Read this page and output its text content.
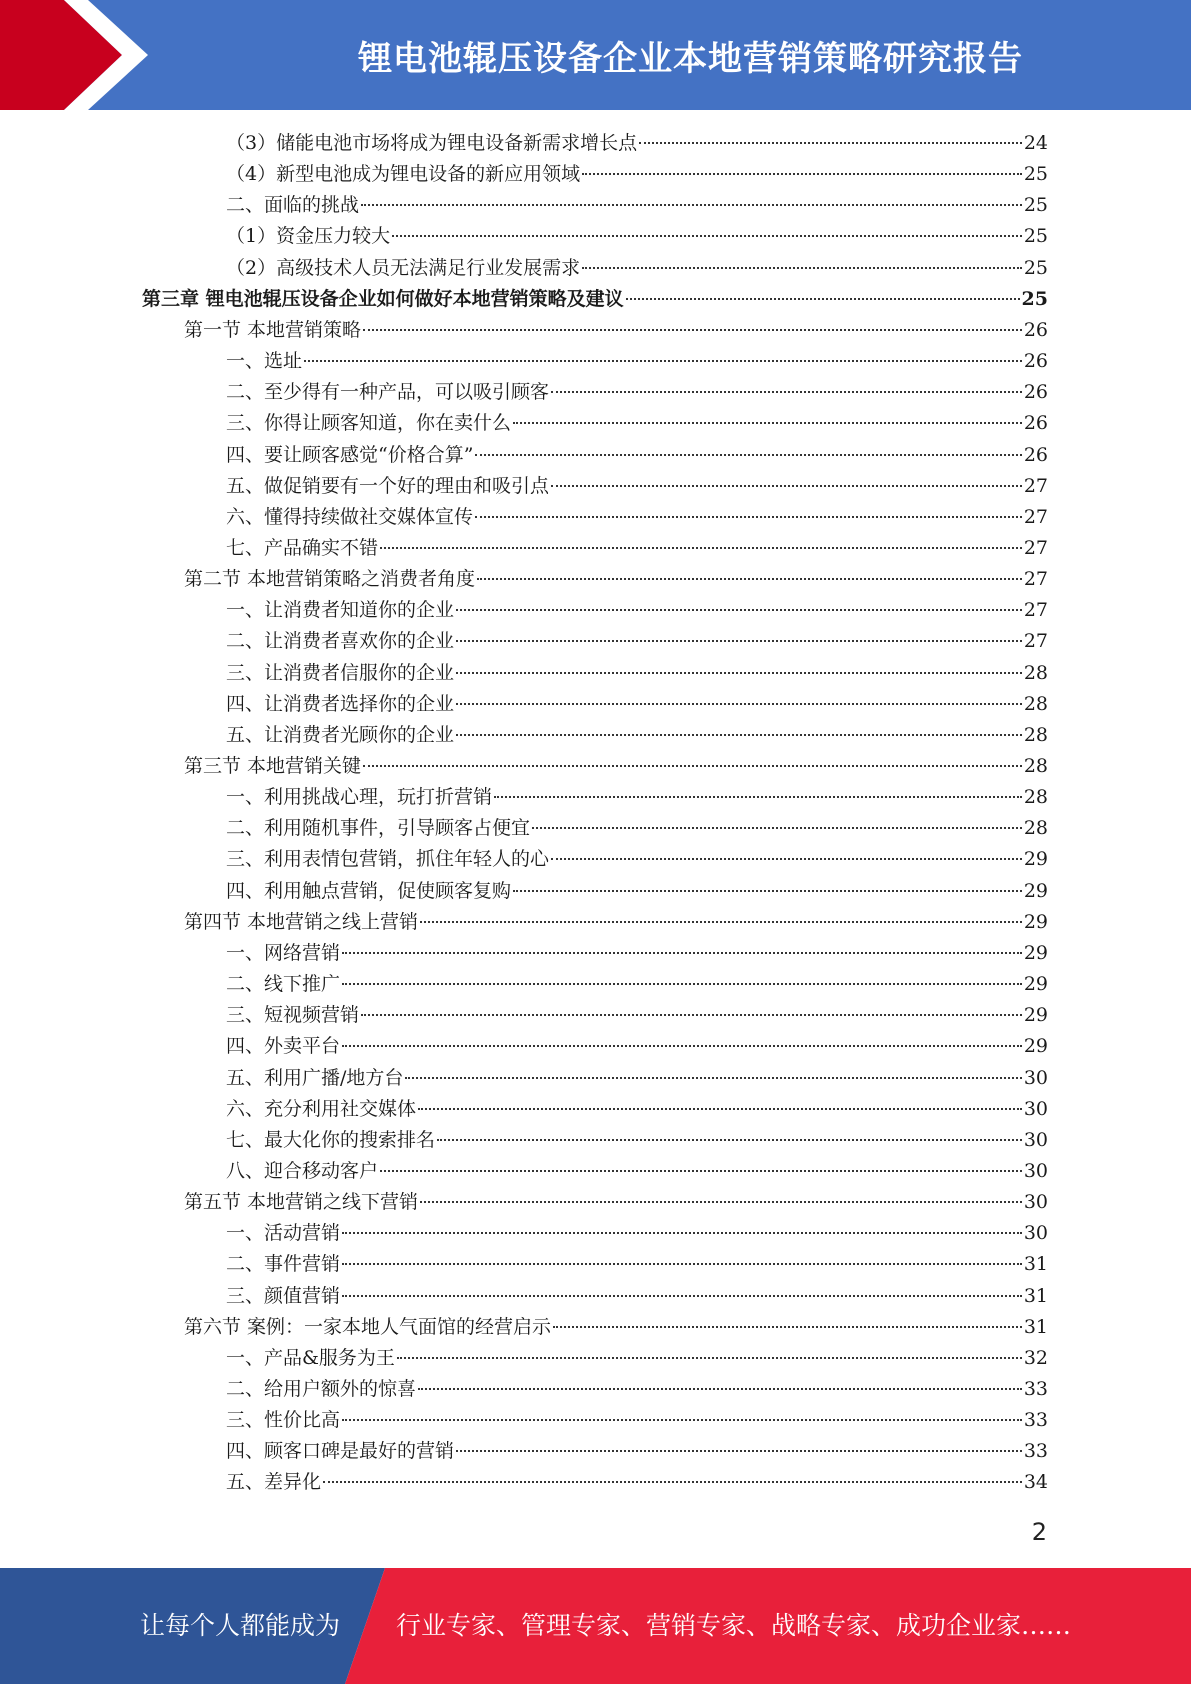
锂电池辊压设备企业本地营销策略研究报告
（3）储能电池市场将成为锂电设备新需求增长点	24
（4）新型电池成为锂电设备的新应用领域	25
二、面临的挑战	25
（1）资金压力较大	25
（2）高级技术人员无法满足行业发展需求	25
第三章 锂电池辊压设备企业如何做好本地营销策略及建议	25
第一节 本地营销策略	26
一、选址	26
二、至少得有一种产品，可以吸引顾客	26
三、你得让顾客知道，你在卖什么	26
四、要让顾客感觉“价格合算”	26
五、做促销要有一个好的理由和吸引点	27
六、懂得持续做社交媒体宣传	27
七、产品确实不错	27
第二节 本地营销策略之消费者角度	27
一、让消费者知道你的企业	27
二、让消费者喜欢你的企业	27
三、让消费者信服你的企业	28
四、让消费者选择你的企业	28
五、让消费者光顾你的企业	28
第三节 本地营销关键	28
一、利用挑战心理，玩打折营销	28
二、利用随机事件，引导顾客占便宜	28
三、利用表情包营销，抓住年轻人的心	29
四、利用触点营销，促使顾客复购	29
第四节 本地营销之线上营销	29
一、网络营销	29
二、线下推广	29
三、短视频营销	29
四、外卖平台	29
五、利用广播/地方台	30
六、充分利用社交媒体	30
七、最大化你的搜索排名	30
八、迎合移动客户	30
第五节 本地营销之线下营销	30
一、活动营销	30
二、事件营销	31
三、颜值营销	31
第六节 案例：一家本地人气面馆的经营启示	31
一、产品&服务为王	32
二、给用户额外的惊喜	33
三、性价比高	33
四、顾客口碑是最好的营销	33
五、差异化	34
2
让每个人都能成为 行业专家、管理专家、营销专家、战略专家、成功企业家……
